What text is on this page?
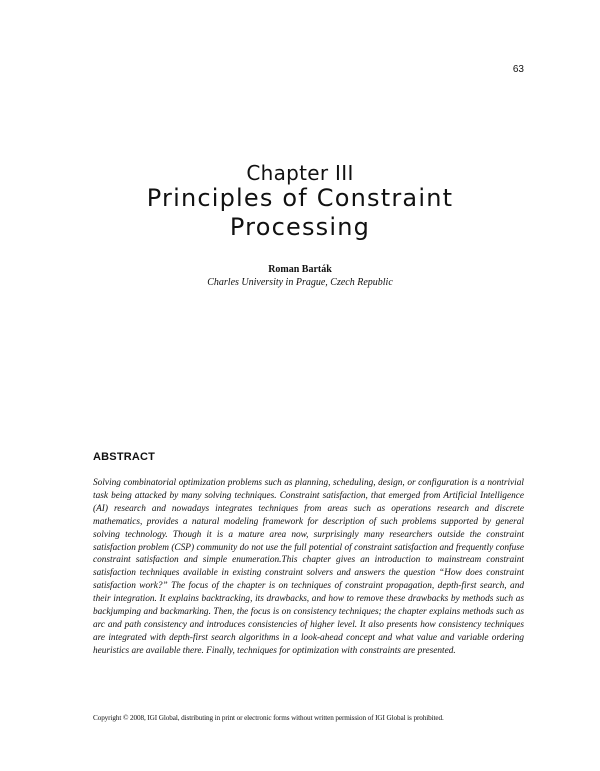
63
Chapter III
Principles of Constraint
Processing
Roman Barták
Charles University in Prague, Czech Republic
ABSTRACT

Solving combinatorial optimization problems such as planning, scheduling, design, or configuration is a nontrivial task being attacked by many solving techniques. Constraint satisfaction, that emerged from Artificial Intelligence (AI) research and nowadays integrates techniques from areas such as operations research and discrete mathematics, provides a natural modeling framework for description of such problems supported by general solving technology. Though it is a mature area now, surprisingly many researchers outside the constraint satisfaction problem (CSP) community do not use the full potential of constraint satisfaction and frequently confuse constraint satisfaction and simple enumeration.This chapter gives an introduction to mainstream constraint satisfaction techniques available in existing constraint solvers and answers the question “How does constraint satisfaction work?” The focus of the chapter is on techniques of constraint propagation, depth-first search, and their integration. It explains backtracking, its drawbacks, and how to remove these drawbacks by methods such as backjumping and backmarking. Then, the focus is on consistency techniques; the chapter explains methods such as arc and path consistency and introduces consistencies of higher level. It also presents how consistency techniques are integrated with depth-first search algorithms in a look-ahead concept and what value and variable ordering heuristics are available there. Finally, techniques for optimization with constraints are presented.

Copyright © 2008, IGI Global, distributing in print or electronic forms without written permission of IGI Global is prohibited.
